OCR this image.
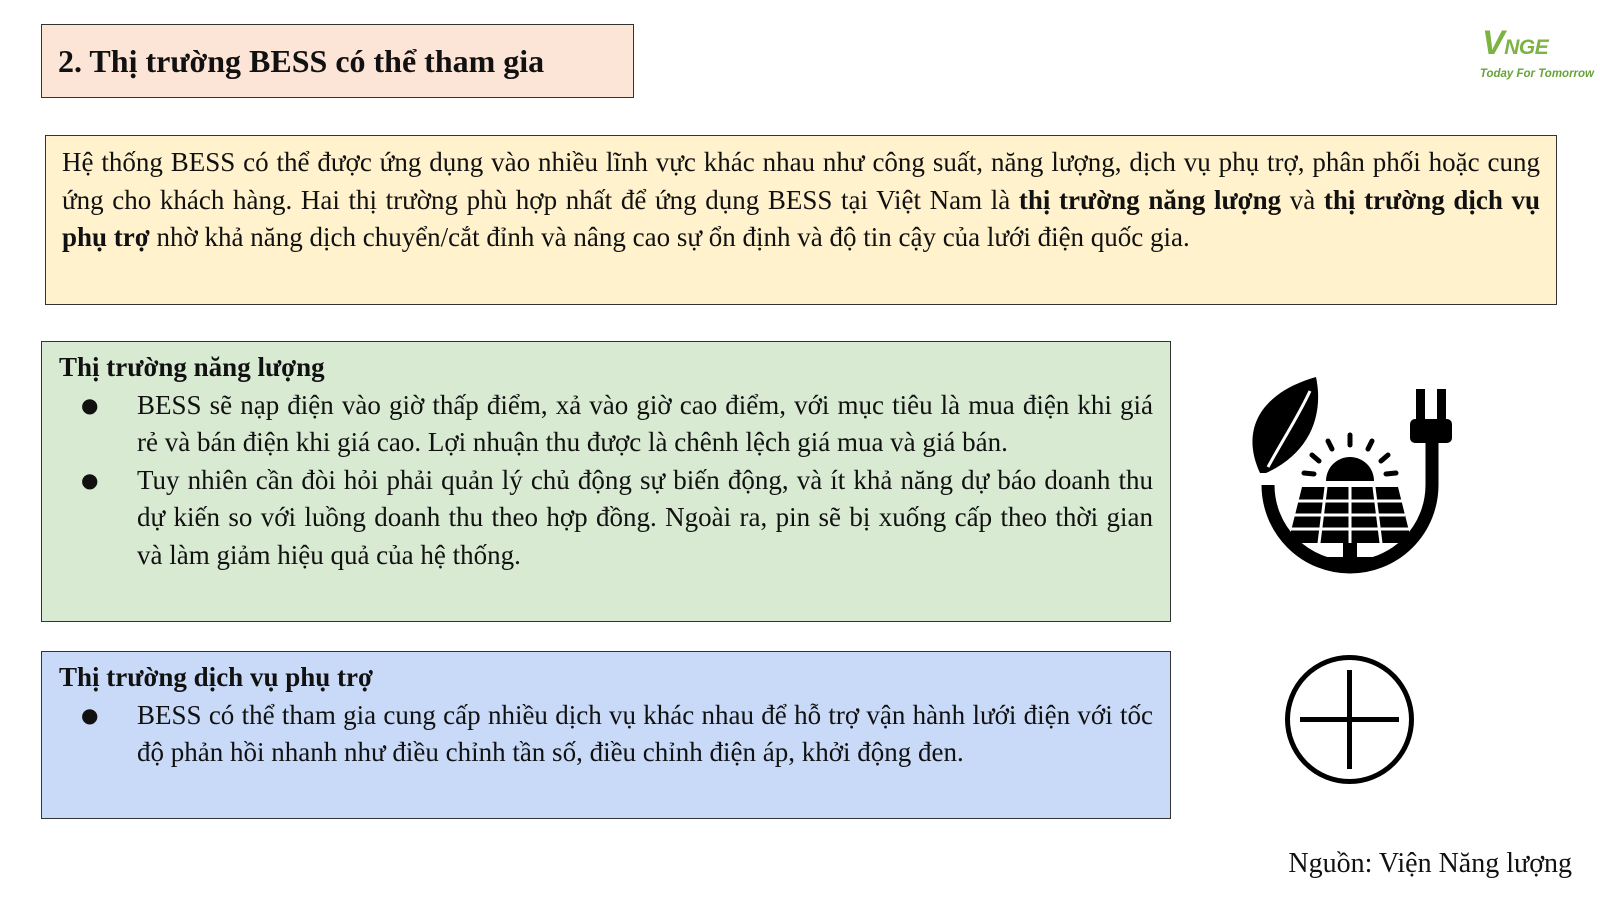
2. Thị trường BESS có thể tham gia	VNGE
Today For Tomorrow
Hệ thống BESS có thể được ứng dụng vào nhiều lĩnh vực khác nhau như công suất, năng lượng, dịch vụ phụ trợ, phân phối hoặc cung ứng cho khách hàng. Hai thị trường phù hợp nhất để ứng dụng BESS tại Việt Nam là thị trường năng lượng và thị trường dịch vụ phụ trợ nhờ khả năng dịch chuyển/cắt đỉnh và nâng cao sự ổn định và độ tin cậy của lưới điện quốc gia.
Thị trường năng lượng
● BESS sẽ nạp điện vào giờ thấp điểm, xả vào giờ cao điểm, với mục tiêu là mua điện khi giá rẻ và bán điện khi giá cao. Lợi nhuận thu được là chênh lệch giá mua và giá bán.
● Tuy nhiên cần đòi hỏi phải quản lý chủ động sự biến động, và ít khả năng dự báo doanh thu dự kiến so với luồng doanh thu theo hợp đồng. Ngoài ra, pin sẽ bị xuống cấp theo thời gian và làm giảm hiệu quả của hệ thống.
Thị trường dịch vụ phụ trợ
● BESS có thể tham gia cung cấp nhiều dịch vụ khác nhau để hỗ trợ vận hành lưới điện với tốc độ phản hồi nhanh như điều chỉnh tần số, điều chỉnh điện áp, khởi động đen.
Nguồn: Viện Năng lượng
